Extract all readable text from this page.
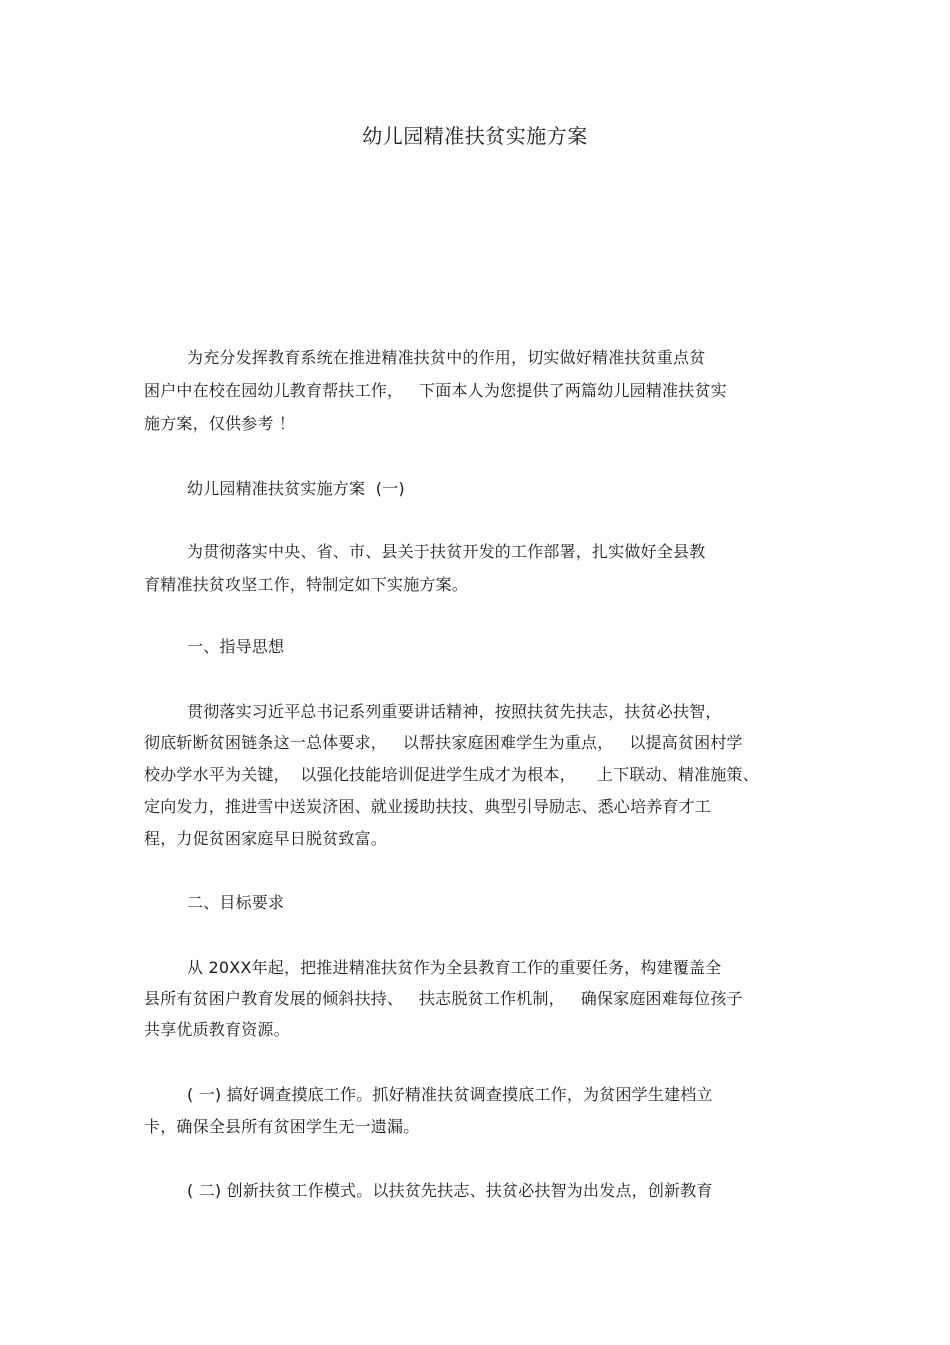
幼儿园精准扶贫实施方案
为充分发挥教育系统在推进精准扶贫中的作用，切实做好精准扶贫重点贫
困户中在校在园幼儿教育帮扶工作，   下面本人为您提供了两篇幼儿园精准扶贫实
施方案，仅供参考 ！
幼儿园精准扶贫实施方案  (一)
为贯彻落实中央、省、市、县关于扶贫开发的工作部署，扎实做好全县教
育精准扶贫攻坚工作，特制定如下实施方案。
一、指导思想
贯彻落实习近平总书记系列重要讲话精神，按照扶贫先扶志，扶贫必扶智，
彻底斩断贫困链条这一总体要求，   以帮扶家庭困难学生为重点，   以提高贫困村学
校办学水平为关键，  以强化技能培训促进学生成才为根本，    上下联动、精准施策、
定向发力，推进雪中送炭济困、就业援助扶技、典型引导励志、悉心培养育才工
程，力促贫困家庭早日脱贫致富。
二、目标要求
从 20XX年起，把推进精准扶贫作为全县教育工作的重要任务，构建覆盖全
县所有贫困户教育发展的倾斜扶持、   扶志脱贫工作机制，   确保家庭困难每位孩子
共享优质教育资源。
( 一) 搞好调查摸底工作。抓好精准扶贫调查摸底工作，为贫困学生建档立
卡，确保全县所有贫困学生无一遗漏。
( 二) 创新扶贫工作模式。以扶贫先扶志、扶贫必扶智为出发点，创新教育
